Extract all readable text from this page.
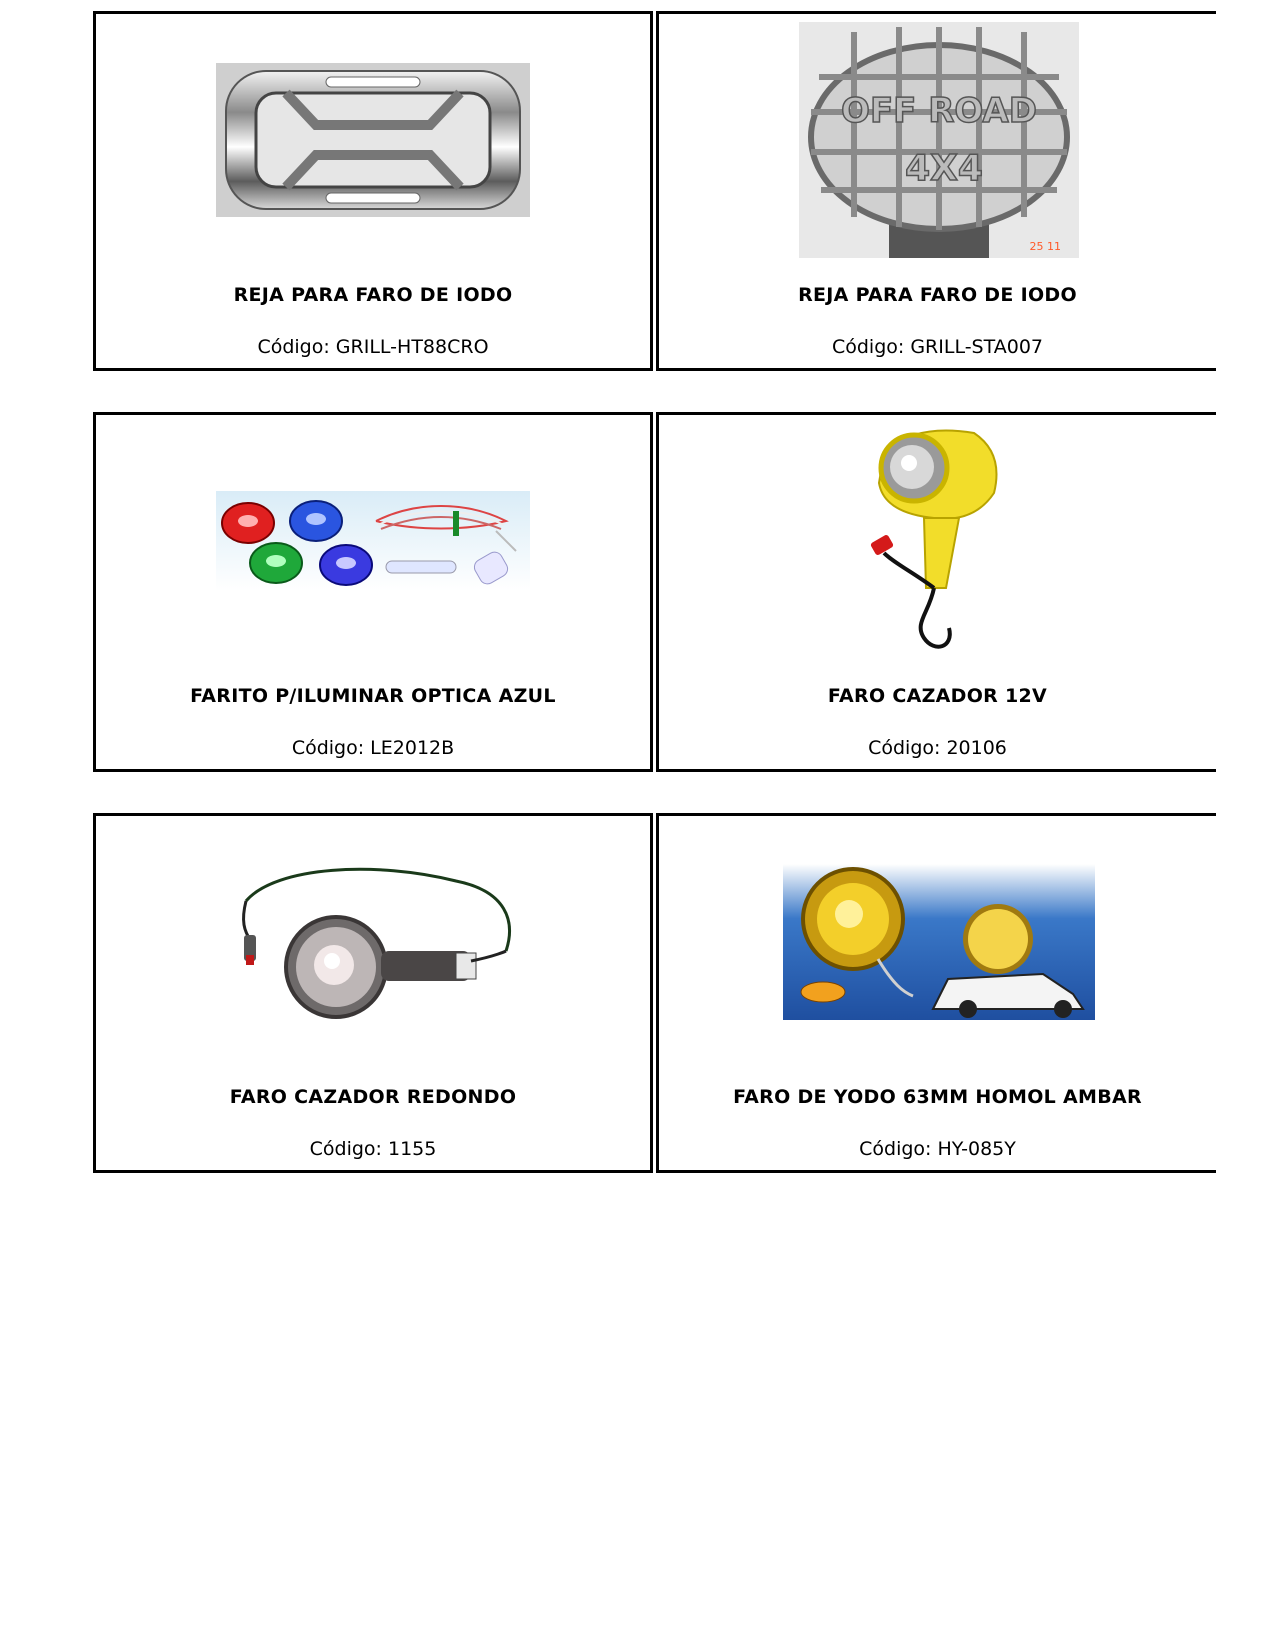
REJA PARA FARO DE IODO
Código: GRILL-HT88CRO
OFF ROAD
4X4
25 11
REJA PARA FARO DE IODO
Código: GRILL-STA007
FARITO P/ILUMINAR OPTICA AZUL
Código: LE2012B
FARO CAZADOR 12V
Código: 20106
FARO CAZADOR REDONDO
Código: 1155
FARO DE YODO 63MM HOMOL AMBAR
Código: HY-085Y
